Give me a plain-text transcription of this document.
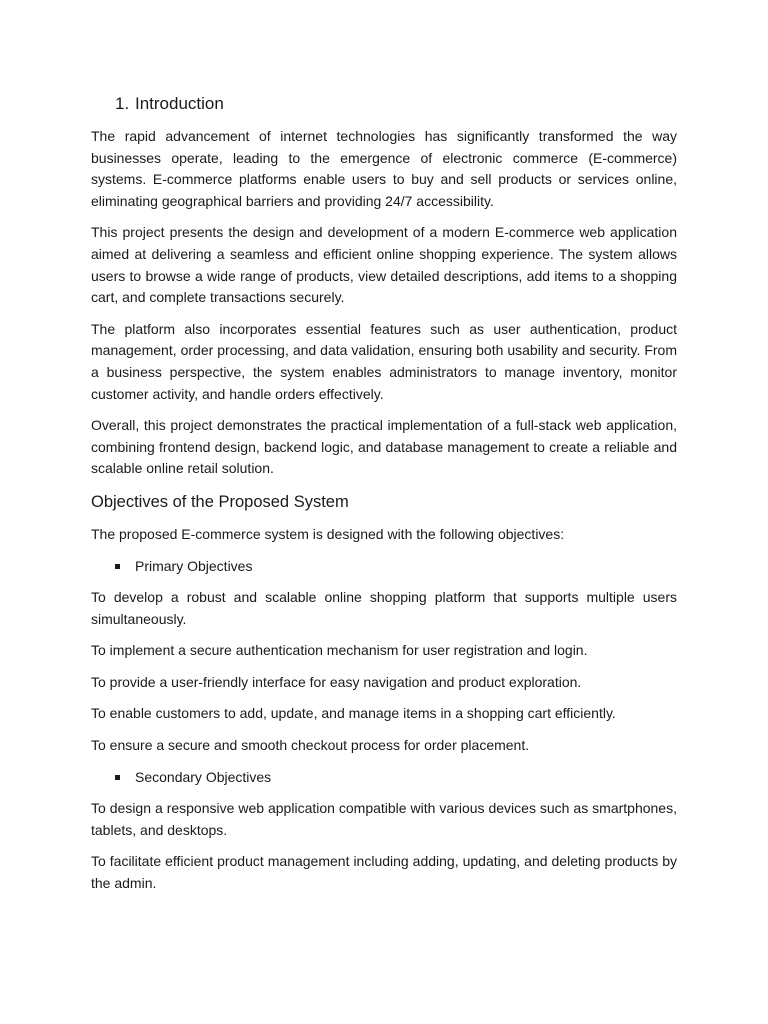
1. Introduction

The rapid advancement of internet technologies has significantly transformed the way businesses operate, leading to the emergence of electronic commerce (E-commerce) systems. E-commerce platforms enable users to buy and sell products or services online, eliminating geographical barriers and providing 24/7 accessibility.

This project presents the design and development of a modern E-commerce web application aimed at delivering a seamless and efficient online shopping experience. The system allows users to browse a wide range of products, view detailed descriptions, add items to a shopping cart, and complete transactions securely.

The platform also incorporates essential features such as user authentication, product management, order processing, and data validation, ensuring both usability and security. From a business perspective, the system enables administrators to manage inventory, monitor customer activity, and handle orders effectively.

Overall, this project demonstrates the practical implementation of a full-stack web application, combining frontend design, backend logic, and database management to create a reliable and scalable online retail solution.

Objectives of the Proposed System

The proposed E-commerce system is designed with the following objectives:

Primary Objectives

To develop a robust and scalable online shopping platform that supports multiple users simultaneously.

To implement a secure authentication mechanism for user registration and login.

To provide a user-friendly interface for easy navigation and product exploration.

To enable customers to add, update, and manage items in a shopping cart efficiently.

To ensure a secure and smooth checkout process for order placement.

Secondary Objectives

To design a responsive web application compatible with various devices such as smartphones, tablets, and desktops.

To facilitate efficient product management including adding, updating, and deleting products by the admin.
